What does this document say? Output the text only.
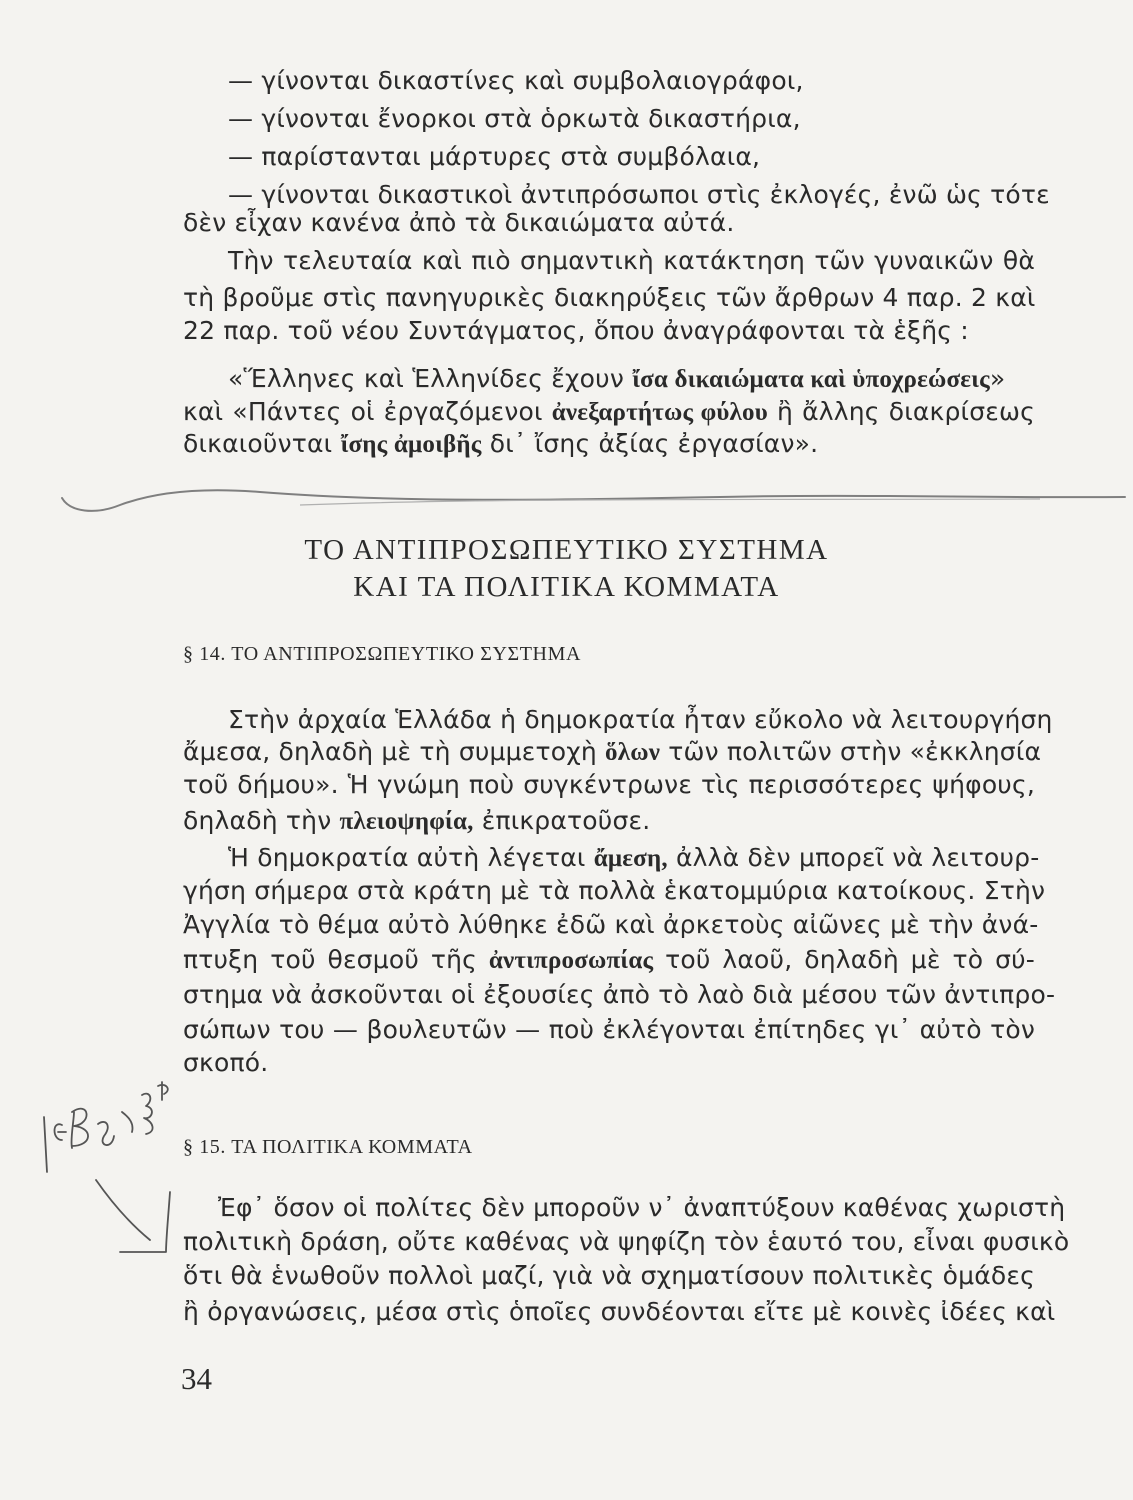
— γίνονται δικαστίνες καὶ συμβολαιογράφοι,
— γίνονται ἔνορκοι στὰ ὁρκωτὰ δικαστήρια,
— παρίστανται μάρτυρες στὰ συμβόλαια,
— γίνονται δικαστικοὶ ἀντιπρόσωποι στὶς ἐκλογές, ἐνῶ ὡς τότε
δὲν εἶχαν κανένα ἀπὸ τὰ δικαιώματα αὐτά.
Τὴν τελευταία καὶ πιὸ σημαντικὴ κατάκτηση τῶν γυναικῶν θὰ
τὴ βροῦμε στὶς πανηγυρικὲς διακηρύξεις τῶν ἄρθρων 4 παρ. 2 καὶ
22 παρ. τοῦ νέου Συντάγματος, ὅπου ἀναγράφονται τὰ ἑξῆς :
«Ἕλληνες καὶ Ἑλληνίδες ἔχουν ἴσα δικαιώματα καὶ ὑποχρεώσεις»
καὶ «Πάντες οἱ ἐργαζόμενοι ἀνεξαρτήτως φύλου ἢ ἄλλης διακρίσεως
δικαιοῦνται ἴσης ἀμοιβῆς δι᾽ ἴσης ἀξίας ἐργασίαν».
ΤΟ ΑΝΤΙΠΡΟΣΩΠΕΥΤΙΚΟ ΣΥΣΤΗΜΑ
ΚΑΙ ΤΑ ΠΟΛΙΤΙΚΑ ΚΟΜΜΑΤΑ
§ 14. ΤΟ ΑΝΤΙΠΡΟΣΩΠΕΥΤΙΚΟ ΣΥΣΤΗΜΑ
Στὴν ἀρχαία Ἑλλάδα ἡ δημοκρατία ἦταν εὔκολο νὰ λειτουργήση
ἄμεσα, δηλαδὴ μὲ τὴ συμμετοχὴ ὅλων τῶν πολιτῶν στὴν «ἐκκλησία
τοῦ δήμου». Ἡ γνώμη ποὺ συγκέντρωνε τὶς περισσότερες ψήφους,
δηλαδὴ τὴν πλειοψηφία, ἐπικρατοῦσε.
Ἡ δημοκρατία αὐτὴ λέγεται ἄμεση, ἀλλὰ δὲν μπορεῖ νὰ λειτουρ-
γήση σήμερα στὰ κράτη μὲ τὰ πολλὰ ἑκατομμύρια κατοίκους. Στὴν
Ἀγγλία τὸ θέμα αὐτὸ λύθηκε ἐδῶ καὶ ἀρκετοὺς αἰῶνες μὲ τὴν ἀνά-
πτυξη τοῦ θεσμοῦ τῆς ἀντιπροσωπίας τοῦ λαοῦ, δηλαδὴ μὲ τὸ σύ-
στημα νὰ ἀσκοῦνται οἱ ἐξουσίες ἀπὸ τὸ λαὸ διὰ μέσου τῶν ἀντιπρο-
σώπων του — βουλευτῶν — ποὺ ἐκλέγονται ἐπίτηδες γι᾽ αὐτὸ τὸν
σκοπό.
§ 15. ΤΑ ΠΟΛΙΤΙΚΑ ΚΟΜΜΑΤΑ
Ἐφ᾽ ὅσον οἱ πολίτες δὲν μποροῦν ν᾽ ἀναπτύξουν καθένας χωριστὴ
πολιτικὴ δράση, οὔτε καθένας νὰ ψηφίζη τὸν ἑαυτό του, εἶναι φυσικὸ
ὅτι θὰ ἑνωθοῦν πολλοὶ μαζί, γιὰ νὰ σχηματίσουν πολιτικὲς ὁμάδες
ἢ ὀργανώσεις, μέσα στὶς ὁποῖες συνδέονται εἴτε μὲ κοινὲς ἰδέες καὶ
34
